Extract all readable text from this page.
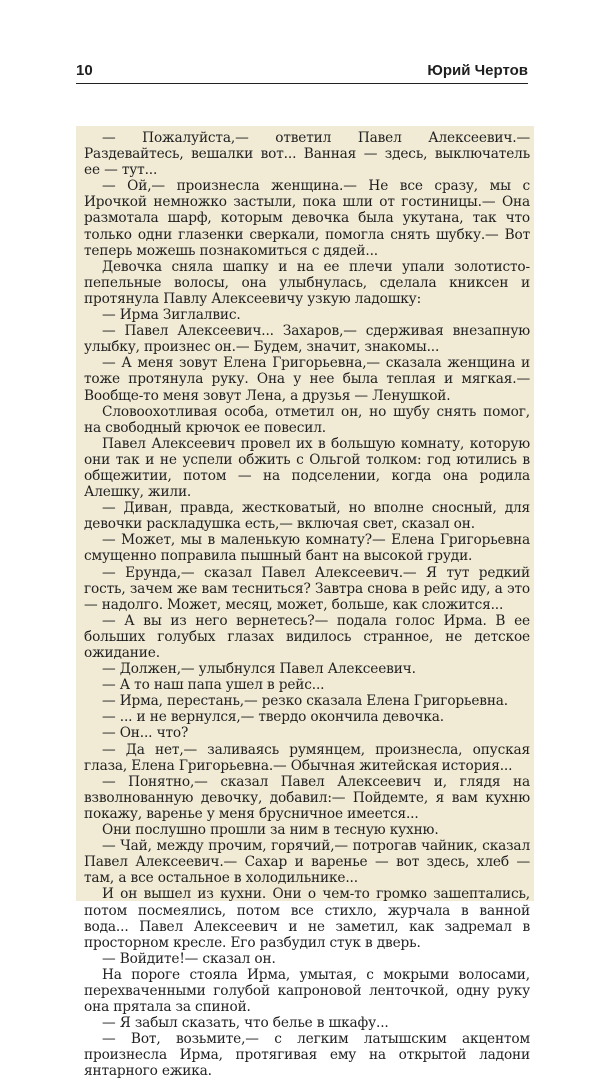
10	Юрий Чертов

— Пожалуйста,— ответил Павел Алексеевич.— Раздевайтесь, вешалки вот... Ванная — здесь, выключатель ее — тут...

— Ой,— произнесла женщина.— Не все сразу, мы с Ирочкой немножко застыли, пока шли от гостиницы.— Она размотала шарф, которым девочка была укутана, так что только одни глазенки сверкали, помогла снять шубку.— Вот теперь можешь познакомиться с дядей...

Девочка сняла шапку и на ее плечи упали золотисто-пепельные волосы, она улыбнулась, сделала книксен и протянула Павлу Алексеевичу узкую ладошку:

— Ирма Зиглалвис.

— Павел Алексеевич... Захаров,— сдерживая внезапную улыбку, произнес он.— Будем, значит, знакомы...

— А меня зовут Елена Григорьевна,— сказала женщина и тоже протянула руку. Она у нее была теплая и мягкая.— Вообще-то меня зовут Лена, а друзья — Ленушкой.

Словоохотливая особа, отметил он, но шубу снять помог, на свободный крючок ее повесил.

Павел Алексеевич провел их в большую комнату, которую они так и не успели обжить с Ольгой толком: год ютились в общежитии, потом — на подселении, когда она родила Алешку, жили.

— Диван, правда, жестковатый, но вполне сносный, для девочки раскладушка есть,— включая свет, сказал он.

— Может, мы в маленькую комнату?— Елена Григорьевна смущенно поправила пышный бант на высокой груди.

— Ерунда,— сказал Павел Алексеевич.— Я тут редкий гость, зачем же вам тесниться? Завтра снова в рейс иду, а это — надолго. Может, месяц, может, больше, как сложится...

— А вы из него вернетесь?— подала голос Ирма. В ее больших голубых глазах видилось странное, не детское ожидание.

— Должен,— улыбнулся Павел Алексеевич.

— А то наш папа ушел в рейс...

— Ирма, перестань,— резко сказала Елена Григорьевна.

— ... и не вернулся,— твердо окончила девочка.

— Он... что?

— Да нет,— заливаясь румянцем, произнесла, опуская глаза, Елена Григорьевна.— Обычная житейская история...

— Понятно,— сказал Павел Алексеевич и, глядя на взволнованную девочку, добавил:— Пойдемте, я вам кухню покажу, варенье у меня брусничное имеется...

Они послушно прошли за ним в тесную кухню.

— Чай, между прочим, горячий,— потрогав чайник, сказал Павел Алексеевич.— Сахар и варенье — вот здесь, хлеб — там, а все остальное в холодильнике...

И он вышел из кухни. Они о чем-то громко зашептались, потом посмеялись, потом все стихло, журчала в ванной вода... Павел Алексеевич и не заметил, как задремал в просторном кресле. Его разбудил стук в дверь.

— Войдите!— сказал он.

На пороге стояла Ирма, умытая, с мокрыми волосами, перехваченными голубой капроновой ленточкой, одну руку она прятала за спиной.

— Я забыл сказать, что белье в шкафу...

— Вот, возьмите,— с легким латышским акцентом произнесла Ирма, протягивая ему на открытой ладони янтарного ежика.
